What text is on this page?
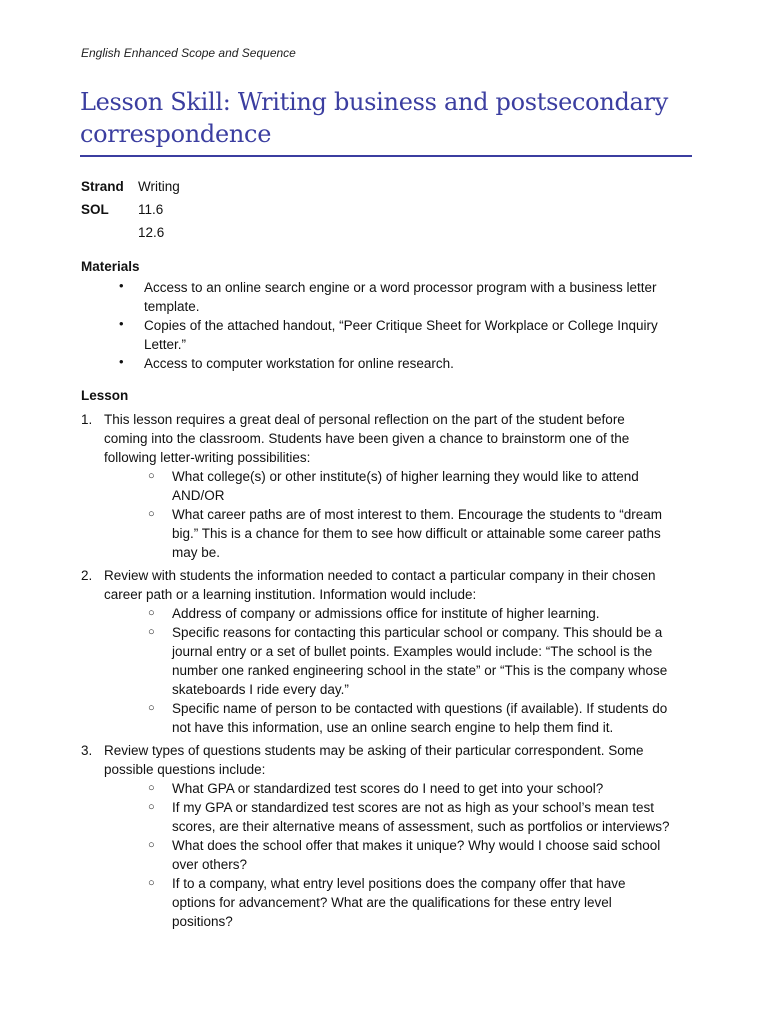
English Enhanced Scope and Sequence
Lesson Skill: Writing business and postsecondary
correspondence
Strand Writing
SOL 11.6
12.6
Materials
• Access to an online search engine or a word processor program with a business letter
template.
• Copies of the attached handout, “Peer Critique Sheet for Workplace or College Inquiry
Letter.”
• Access to computer workstation for online research.
Lesson
1. This lesson requires a great deal of personal reflection on the part of the student before
coming into the classroom. Students have been given a chance to brainstorm one of the
following letter-writing possibilities:
○ What college(s) or other institute(s) of higher learning they would like to attend
AND/OR
○ What career paths are of most interest to them. Encourage the students to “dream
big.” This is a chance for them to see how difficult or attainable some career paths
may be.
2. Review with students the information needed to contact a particular company in their chosen
career path or a learning institution. Information would include:
○ Address of company or admissions office for institute of higher learning.
○ Specific reasons for contacting this particular school or company. This should be a
journal entry or a set of bullet points. Examples would include: “The school is the
number one ranked engineering school in the state” or “This is the company whose
skateboards I ride every day.”
○ Specific name of person to be contacted with questions (if available). If students do
not have this information, use an online search engine to help them find it.
3. Review types of questions students may be asking of their particular correspondent. Some
possible questions include:
○ What GPA or standardized test scores do I need to get into your school?
○ If my GPA or standardized test scores are not as high as your school’s mean test
scores, are their alternative means of assessment, such as portfolios or interviews?
○ What does the school offer that makes it unique? Why would I choose said school
over others?
○ If to a company, what entry level positions does the company offer that have
options for advancement? What are the qualifications for these entry level
positions?
